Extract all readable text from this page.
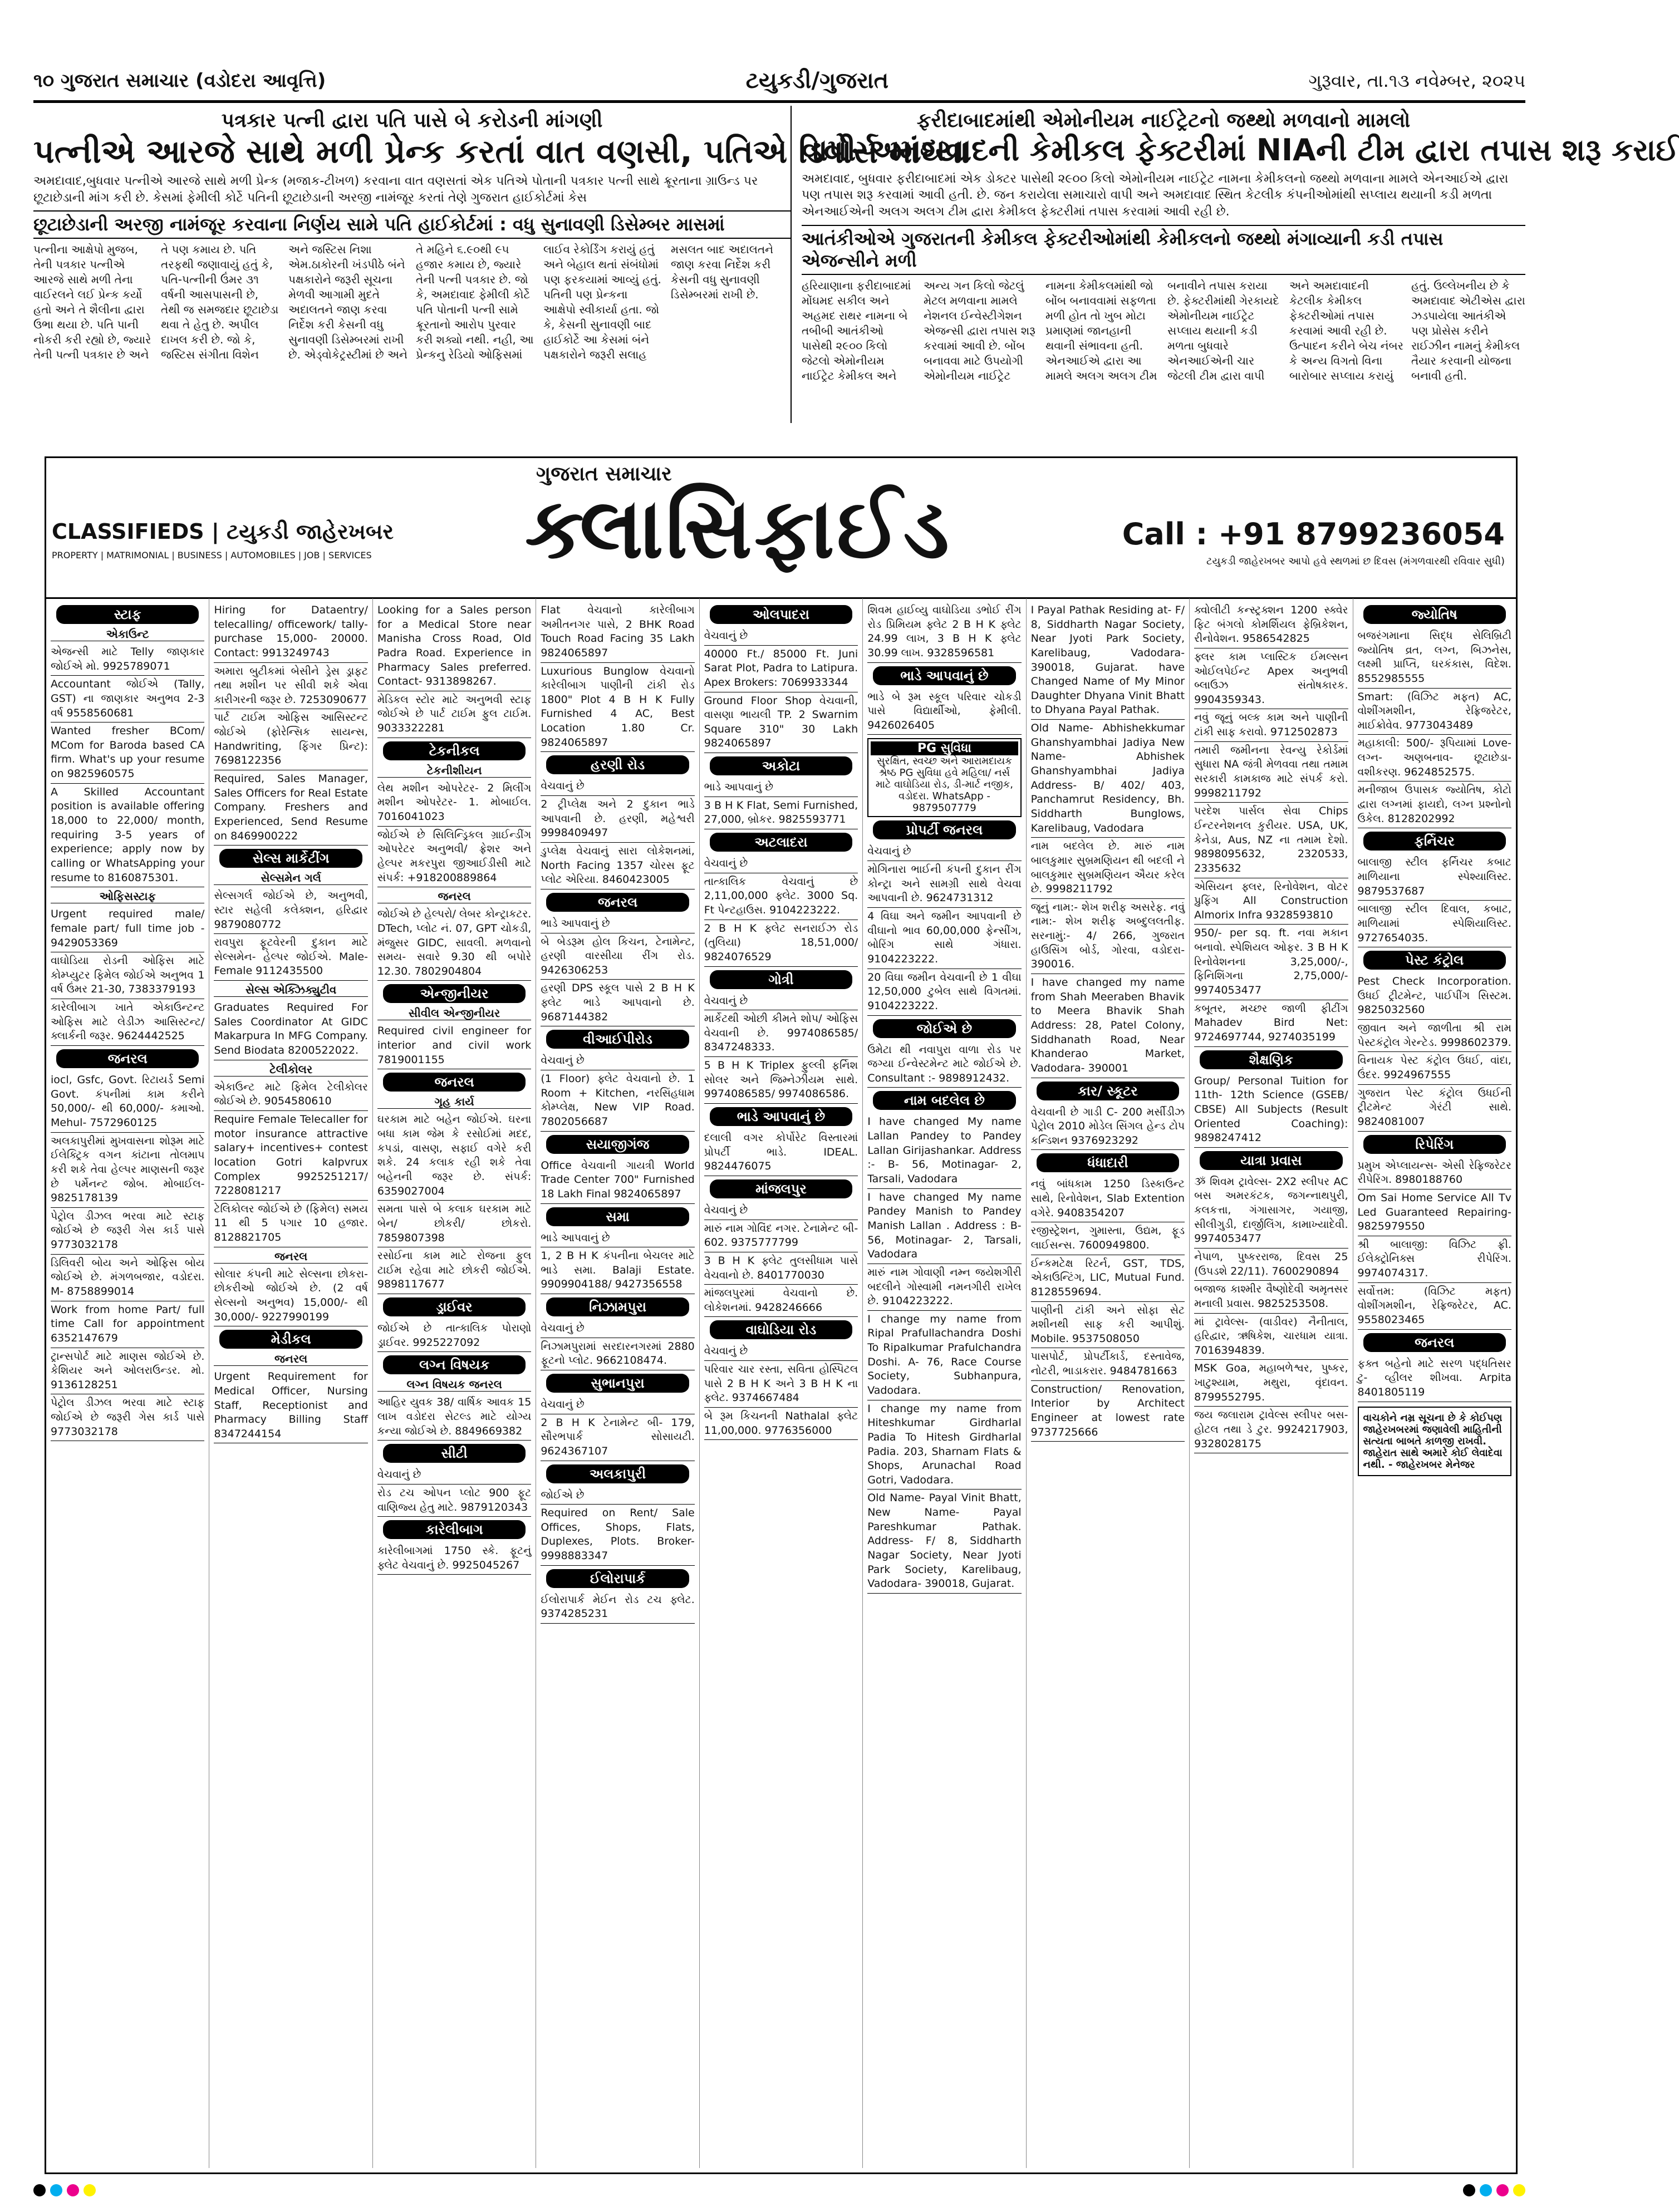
૧૦ ગુજરાત સમાચાર (વડોદરા આવૃત્તિ)	ટયુકડી/ગુજરાત	ગુરૂવાર, તા.૧૩ નવેમ્બર, ૨૦૨૫
પત્રકાર પત્ની દ્વારા પતિ પાસે બે કરોડની માંગણી
પત્નીએ આરજે સાથે મળી પ્રેન્ક કરતાં વાત વણસી, પતિએ ડિવોર્સ માંગ્યા
અમદાવાદ,બુધવાર પત્નીએ આરજે સાથે મળી પ્રેન્ક (મજાક-ટીખળ) કરવાના વાત વણસતાં એક પતિએ પોતાની પત્રકાર પત્ની સાથે ક્રૂરતાના ગ્રાઉન્ડ પર છૂટાછેડાની માંગ કરી છે. કેસમાં ફેમીલી કોર્ટે પતિની છૂટાછેડાની અરજી નામંજૂર કરતાં તેણે ગુજરાત હાઈકોર્ટમાં કેસ
છૂટાછેડાની અરજી નામંજૂર કરવાના નિર્ણય સામે પતિ હાઈકોર્ટમાં : વધુ સુનાવણી ડિસેમ્બર માસમાં
પત્નીના આક્ષેપો મુજબ, તેની પત્રકાર પત્નીએ આરજે સાથે મળી તેના વાઈરલને લઈ પ્રેન્ક કર્યો હતો અને તે શૈલીના દ્વારા ઉભા થયા છે. પતિ પાની નોકરી કરી રહ્યો છે, જ્યારે તેની પત્ની પત્રકાર છે અને તે પણ કમાય છે. પતિ તરફથી જણાવાયું હતું કે, પતિ-પત્નીની ઉંમર ૩૧ વર્ષની આસપાસની છે, તેથી જ સમજદાર છૂટાછેડા થવા તે હેતુ છે. અપીલ દાખલ કરી છે. જો કે, જસ્ટિસ સંગીતા વિશેન અને જસ્ટિસ નિશા એમ.ઠાકોરની ખંડપીઠે બંને પક્ષકારોને જરૂરી સૂચના મેળવી આગામી મુદતે અદાલતને જાણ કરવા નિર્દેશ કરી કેસની વધુ સુનાવણી ડિસેમ્બરમાં રાખી છે. એડ્વોકેટ્રસ્ટીમાં છે અને તે મહિને ૬.૯૦થી ૯૫ હજાર કમાય છે, જ્યારે તેની પત્ની પત્રકાર છે. જો કે, અમદાવાદ ફેમીલી કોર્ટે પતિ પોતાની પત્ની સામે ક્રૂરતાનો આરોપ પુરવાર કરી શક્યો નથી. નહી, આ પ્રેન્કનુ રેડિયો ઓફિસમાં લાઈવ રેકોર્ડિંગ કરાયું હતું અને બેહાલ થતાં સંબંધોમાં પણ ફરકયામાં આવ્યું હતું. પતિની પણ પ્રેન્કના આક્ષેપો સ્વીકાર્યા હતા. જો કે, કેસની સુનાવણી બાદ હાઈકોર્ટે આ કેસમાં બંને પક્ષકારોને જરૂરી સલાહ મસલત બાદ અદાલતને જાણ કરવા નિર્દેશ કરી કેસની વધુ સુનાવણી ડિસેમ્બરમાં રાખી છે.
ફરીદાબાદમાંથી એમોનીયમ નાઈટ્રેટનો જથ્થો મળવાનો મામલો
વાપી-અમદાવાદની કેમીકલ ફેક્ટરીમાં NIAની ટીમ દ્વારા તપાસ શરૂ કરાઈ
અમદાવાદ, બુધવાર ફરીદાબાદમાં એક ડોક્ટર પાસેથી ૨૯૦૦ કિલો એમોનીયમ નાઈટ્રેટ નામના કેમીકલનો જથ્થો મળવાના મામલે એનઆઈએ દ્વારા પણ તપાસ શરૂ કરવામાં આવી હતી. છે. જન કરાયેલા સમાચારો વાપી અને અમદાવાદ સ્થિત કેટલીક કંપનીઓમાંથી સપ્લાય થયાની કડી મળતા એનઆઈએની અલગ અલગ ટીમ દ્વારા કેમીકલ ફેક્ટરીમાં તપાસ કરવામાં આવી રહી છે.
આતંકીઓએ ગુજરાતની કેમીકલ ફેક્ટરીઓમાંથી કેમીકલનો જથ્થો મંગાવ્યાની કડી તપાસ એજન્સીને મળી
હરિયાણાના ફરીદાબાદમાં મોંઘમદ સકીલ અને અહમદ રાથર નામના બે તબીબી આતંકીઓ પાસેથી ૨૯૦૦ કિલો જેટલો એમોનીયમ નાઈટ્રેટ કેમીકલ અને અન્ય ગન કિલો જેટલું મેટલ મળવાના મામલે નેશનલ ઈન્વેસ્ટીગેશન એજન્સી દ્વારા તપાસ શરૂ કરવામાં આવી છે. બોંબ બનાવવા માટે ઉપયોગી એમોનીયમ નાઈટ્રેટ નામના કેમીકલમાંથી જો બોંબ બનાવવામાં સફળતા મળી હોત તો ખુબ મોટા પ્રમાણમાં જાનહાની થવાની સંભાવના હતી. એનઆઈએ દ્વારા આ મામલે અલગ અલગ ટીમ બનાવીને તપાસ કરાયા છે. ફેક્ટરીમાંથી ગેરકાયદે એમોનીયમ નાઈટ્રેટ સપ્લાય થયાની કડી મળતા બુધવારે એનઆઈએની ચાર જેટલી ટીમ દ્વારા વાપી અને અમદાવાદની કેટલીક કેમીકલ ફેક્ટરીઓમાં તપાસ કરવામાં આવી રહી છે. ઉત્પાદન કરીને બેચ નંબર કે અન્ય વિગતો વિના બારોબાર સપ્લાય કરાયું હતું. ઉલ્લેખનીય છે કે અમદાવાદ એટીએસ દ્વારા ઝડપાયેલા આતંકીએ પણ પ્રોસેસ કરીને રાઈઝીન નામનું કેમીકલ તૈયાર કરવાની યોજના બનાવી હતી.
ગુજરાત સમાચાર
CLASSIFIEDS | ટયુકડી જાહેરખબર
PROPERTY | MATRIMONIAL | BUSINESS | AUTOMOBILES | JOB | SERVICES ક્લાસિફાઈડ	Call : +91 8799236054
ટયુકડી જાહેરખબર આપો હવે સ્થળમાં છ દિવસ (મંગળવારથી રવિવાર સુધી)
સ્ટાફ
એકાઉન્ટ
એજન્સી માટે Telly જાણકાર જોઈએ મો. 9925789071
Accountant જોઈએ (Tally, GST) ના જાણકાર અનુભવ 2-3 વર્ષ 9558560681
Wanted fresher BCom/ MCom for Baroda based CA firm. What's up your resume on 9825960575
A Skilled Accountant position is available offering 18,000 to 22,000/ month, requiring 3-5 years of experience; apply now by calling or WhatsApping your resume to 8160875301.
ઓફિસસ્ટાફ
Urgent required male/ female part/ full time job - 9429053369
વાઘોડિયા રોડની ઓફિસ માટે કોમ્પ્યુટર ફિમેલ જોઈએ અનુભવ 1 વર્ષ ઉંમર 21-30, 7383379193
કારેલીબાગ ખાતે એકાઉન્ટન્ટ ઓફિસ માટે લેડીઝ આસિસ્ટન્ટ/ ક્લાર્કની જરૂર. 9624442525
જનરલ
iocl, Gsfc, Govt. રિટાયર્ડ Semi Govt. કંપનીમાં કામ કરીને 50,000/- થી 60,000/- કમાઓ. Mehul- 7572960125
અલકાપુરીમાં મુખવાસના શોરૂમ માટે ઈલેક્ટ્રિક વગન કાંટાના તોલમાપ કરી શકે તેવા હેલ્પર માણસની જરૂર છે પર્મેનન્ટ જોબ. મોબાઈલ- 9825178139
પેટ્રોલ ડીઝલ ભરવા માટે સ્ટાફ જોઈએ છે જરૂરી ગેસ કાર્ડ પાસે 9773032178
ડિલિવરી બોય અને ઓફિસ બોય જોઈએ છે. મંગળબજાર, વડોદરા. M- 8758899014
Work from home Part/ full time Call for appointment 6352147679
ટ્રાન્સપોર્ટ માટે માણસ જોઈએ છે. કેશિયર અને ઓલરાઉન્ડર. મો. 9136128251
પેટ્રોલ ડીઝલ ભરવા માટે સ્ટાફ જોઈએ છે જરૂરી ગેસ કાર્ડ પાસે 9773032178
Hiring for Dataentry/ telecalling/ officework/ tally- purchase 15,000- 20000. Contact: 9913249743
અમારા બુટીકમાં બેસીને ડ્રેસ ડ્રાફટ તથા મશીન પર સીવી શકે એવા કારીગરની જરૂર છે. 7253090677
પાર્ટ ટાઈમ ઓફિસ આસિસ્ટન્ટ જોઈએ (ફોરેન્સિક સાયન્સ, Handwriting, ફિંગર પ્રિન્ટ): 7698122356
Required, Sales Manager, Sales Officers for Real Estate Company. Freshers and Experienced, Send Resume on 8469900222
સેલ્સ માર્કેટીંગ
સેલ્સમેન ગર્લ
સેલ્સગર્લ જોઈએ છે, અનુભવી, સ્ટાર સહેલી કલેક્શન, હરિદ્વાર 9879080772
રાવપુરા ફૂટવેરની દુકાન માટે સેલ્સમેન- હેલ્પર જોઈએ. Male-Female 9112435500
સેલ્સ એક્ઝિક્યુટીવ
Graduates Required For Sales Coordinator At GIDC Makarpura In MFG Company. Send Biodata 8200522022.
ટેલીકોલર
એકાઉન્ટ માટે ફિમેલ ટેલીકોલર જોઈએ છે. 9054580610
Require Female Telecaller for motor insurance attractive salary+ incentives+ contest location Gotri kalpvrux Complex 9925251217/ 7228081217
ટેલિકોલર જોઈએ છે (ફિમેલ) સમય 11 થી 5 પગાર 10 હજાર. 8128821705
જનરલ
સોલાર કંપની માટે સેલ્સના છોકરા-છોકરીઓ જોઈએ છે. (2 વર્ષ સેલ્સનો અનુભવ) 15,000/- થી 30,000/- 9227990199
મેડીકલ
જનરલ
Urgent Requirement for Medical Officer, Nursing Staff, Receptionist and Pharmacy Billing Staff 8347244154
Looking for a Sales person for a Medical Store near Manisha Cross Road, Old Padra Road. Experience in Pharmacy Sales preferred. Contact- 9313898267.
મેડિકલ સ્ટોર માટે અનુભવી સ્ટાફ જોઈએ છે પાર્ટ ટાઈમ ફુલ ટાઈમ. 9033322281
ટેકનીકલ
ટેકનીશીયન
લેથ મશીન ઓપરેટર- 2 મિલીંગ મશીન ઓપરેટર- 1. મોબાઈલ. 7016041023
જોઈએ છે સિલિન્ડ્રિકલ ગ્રાઈન્ડીંગ ઓપરેટર અનુભવી/ ફ્રેશર અને હેલ્પર મકરપુરા જીઆઈડીસી માટે સંપર્ક: +918200889864
જનરલ
જોઈએ છે હેલ્પરો/ લેબર કોન્ટ્રાકટર. DTech, પ્લોટ નં. 07, GPT ચોકડી, મંજુસર GIDC, સાવલી. મળવાનો સમય- સવારે 9.30 થી બપોરે 12.30. 7802904804
એન્જીનીયર
સીવીલ એન્જીનીયર
Required civil engineer for interior and civil work 7819001155
જનરલ
ગૃહ કાર્ય
ઘરકામ માટે બહેન જોઈએ. ઘરના બધા કામ જેમ કે રસોઈમાં મદદ, કપડાં, વાસણ, સફાઈ વગેરે કરી શકે. 24 કલાક રહી શકે તેવા બહેનની જરૂર છે. સંપર્ક: 6359027004
સમતા પાસે બે કલાક ઘરકામ માટે બેન/ છોકરી/ છોકરો. 7859807398
રસોઈના કામ માટે રોજના ફુલ ટાઈમ રહેવા માટે છોકરી જોઈએ. 9898117677
ડ્રાઈવર
જોઈએ છે તાત્કાલિક પોરાણો ડ્રાઈવર. 9925227092
લગ્ન વિષયક
લગ્ન વિષયક જનરલ
આહિર યુવક 38/ વાર્ષિક આવક 15 લાખ વડોદરા સેટલ્ડ માટે યોગ્ય કન્યા જોઈએ છે. 8849669382
સીટી
વેચવાનું છે
રોડ ટચ ઓપન પ્લોટ 900 ફૂટ વાણિજ્ય હેતુ માટે. 9879120343
કારેલીબાગ
કારેલીબાગમાં 1750 સ્કે. ફૂટનું ફ્લેટ વેચવાનું છે. 9925045267
Flat વેચવાનો કારેલીબાગ અમીતનગર પાસે, 2 BHK Road Touch Road Facing 35 Lakh 9824065897
Luxurious Bunglow વેચવાનો કારેલીબાગ પાણીની ટાંકી રોડ 1800" Plot 4 B H K Fully Furnished 4 AC, Best Location 1.80 Cr. 9824065897
હરણી રોડ
વેચવાનું છે
2 ટ્રીપ્લેક્ષ અને 2 દુકાન ભાડે આપવાની છે. હરણી, મહેશ્વરી 9998409497
ડુપ્લેક્ષ વેચવાનું સારા લોકેશનમાં, North Facing 1357 ચોરસ ફૂટ પ્લોટ એરિયા. 8460423005
જનરલ
ભાડે આપવાનું છે
બે બેડરૂમ હોલ કિચન, ટેનામેન્ટ, હરણી વારસીયા રીંગ રોડ. 9426306253
હરણી DPS સ્કૂલ પાસે 2 B H K ફ્લેટ ભાડે આપવાનો છે. 9687144382
વીઆઈપીરોડ
વેચવાનું છે
(1 Floor) ફ્લેટ વેચવાનો છે. 1 Room + Kitchen, નરસિંહધામ કોમ્પ્લેક્ષ, New VIP Road. 7802056687
સયાજીગંજ
Office વેચવાની ગાયત્રી World Trade Center 700" Furnished 18 Lakh Final 9824065897
સમા
ભાડે આપવાનું છે
1, 2 B H K કંપનીના બેચલર માટે ભાડે સમા. Balaji Estate. 9909904188/ 9427356558
નિઝામપુરા
વેચવાનું છે
નિઝામપુરામાં સરદારનગરમાં 2880 ફૂટનો પ્લોટ. 9662108474.
સુભાનપુરા
વેચવાનું છે
2 B H K ટેનામેન્ટ બી- 179, સૌરભપાર્ક સોસાયટી. 9624367107
અલકાપુરી
જોઈએ છે
Required on Rent/ Sale Offices, Shops, Flats, Duplexes, Plots. Broker- 9998883347
ઈલોરાપાર્ક
ઈલોરાપાર્ક મેઈન રોડ ટચ ફ્લેટ. 9374285231
ઓલપાદરા
વેચવાનું છે
40000 Ft./ 85000 Ft. Juni Sarat Plot, Padra to Latipura. Apex Brokers: 7069933344
Ground Floor Shop વેચવાની, વાસણા ભાયલી TP. 2 Swarnim Square 310" 30 Lakh 9824065897
અકોટા
ભાડે આપવાનું છે
3 B H K Flat, Semi Furnished, 27,000, બ્રોકર. 9825593771
અટલાદરા
વેચવાનું છે
તાત્કાલિક વેચવાનું છે 2,11,00,000 ફ્લેટ. 3000 Sq. Ft પેન્ટહાઉસ. 9104223222.
2 B H K ફ્લેટ સનરાઈઝ રોડ (તુલિયા) 18,51,000/ 9824076529
ગોત્રી
વેચવાનું છે
માર્કેટથી ઓછી કીમતે શોપ/ ઓફિસ વેચવાની છે. 9974086585/ 8347248333.
5 B H K Triplex ફુલ્લી ફર્નિશ સોલર અને જિમ્નેઝીયમ સાથે. 9974086585/ 9974086586.
ભાડે આપવાનું છે
દલાલી વગર કોર્પોરેટ વિસ્તારમાં પ્રોપર્ટી ભાડે. IDEAL. 9824476075
માંજલપુર
વેચવાનું છે
મારું નામ ગોવિંદ નગર. ટેનામેન્ટ બી- 602. 9375777799
3 B H K ફ્લેટ તુલસીધામ પાસે વેચવાનો છે. 8401770030
માંજલપુરમાં વેચવાનો છે. લોકેશનમાં. 9428246666
વાઘોડિયા રોડ
વેચવાનું છે
પરિવાર ચાર રસ્તા, સવિતા હોસ્પિટલ પાસે 2 B H K અને 3 B H K ના ફ્લેટ. 9374667484
બે રૂમ કિચનની Nathalal ફ્લેટ 11,00,000. 9776356000
શિવમ હાઈવ્યુ વાઘોડિયા ડભોઈ રીંગ રોડ પ્રિમિયમ ફ્લેટ 2 B H K ફ્લેટ 24.99 લાખ, 3 B H K ફ્લેટ 30.99 લાખ. 9328596581
ભાડે આપવાનું છે
ભાડે બે રૂમ સ્કૂલ પરિવાર ચોકડી પાસે વિદ્યાર્થીઓ, ફેમીલી. 9426026405
PG સુવિધા
સુરક્ષિત, સ્વચ્છ અને આરામદાયક શ્રેષ્ઠ PG સુવિધા હવે મહિલા/ નર્સ માટે વાઘોડિયા રોડ, ડી-માર્ટ નજીક, વડોદરા. WhatsApp - 9879507779
પ્રોપર્ટી જનરલ
વેચવાનું છે
મોગિનારા ભાઈની કંપની દુકાન રીંગ કોન્ટ્રા અને સામગ્રી સાથે વેચવા આપવાની છે. 9624731312
4 વિઘા અને જમીન આપવાની છે વીઘાનો ભાવ 60,00,000 ફેન્સીંગ, બોરિંગ સાથે ગંધારા. 9104223222.
20 વિઘા જમીન વેચવાની છે 1 વીઘા 12,50,000 ટુબેલ સાથે વિગતમાં. 9104223222.
જોઈએ છે
ઉમેટા થી નવાપુરા વાળા રોડ પર જગ્યા ઈન્વેસ્ટમેન્ટ માટે જોઈએ છે. Consultant :- 9898912432.
નામ બદલેલ છે
I have changed My name Lallan Pandey to Pandey Lallan Girijashankar. Address :- B- 56, Motinagar- 2, Tarsali, Vadodara
I have changed My name Pandey Manish to Pandey Manish Lallan . Address : B- 56, Motinagar- 2, Tarsali, Vadodara
મારું નામ ગોવાણી નમ્ન જયેશગીરી બદલીને ગોસ્વામી નમનગીરી રાખેલ છે. 9104223222.
I change my name from Ripal Prafullachandra Doshi To Ripalkumar Prafulchandra Doshi. A- 76, Race Course Society, Subhanpura, Vadodara.
I change my name from Hiteshkumar Girdharlal Padia To Hitesh Girdharlal Padia. 203, Sharnam Flats & Shops, Arunachal Road Gotri, Vadodara.
Old Name- Payal Vinit Bhatt, New Name- Payal Pareshkumar Pathak. Address- F/ 8, Siddharth Nagar Society, Near Jyoti Park Society, Karelibaug, Vadodara- 390018, Gujarat.
I Payal Pathak Residing at- F/ 8, Siddharth Nagar Society, Near Jyoti Park Society, Karelibaug, Vadodara- 390018, Gujarat. have Changed Name of My Minor Daughter Dhyana Vinit Bhatt to Dhyana Payal Pathak.
Old Name- Abhishekkumar Ghanshyambhai Jadiya New Name- Abhishek Ghanshyambhai Jadiya Address- B/ 402/ 403, Panchamrut Residency, Bh. Siddharth Bunglows, Karelibaug, Vadodara
નામ બદલેલ છે. મારું નામ બાલકુમાર સુબ્રમણિયન થી બદલી ને બાલકુમાર સુબ્રમણિયન ઐયર કરેલ છે. 9998211792
જૂનું નામ:- શેખ શરીફ અસરેફ. નવું નામ:- શેખ શરીફ અબ્દુલલતીફ. સરનામું:- 4/ 266, ગુજરાત હાઉસિંગ બોર્ડ, ગોરવા, વડોદરા- 390016.
I have changed my name from Shah Meeraben Bhavik to Meera Bhavik Shah Address: 28, Patel Colony, Siddhanath Road, Near Khanderao Market, Vadodara- 390001
કાર/ સ્કૂટર
વેચવાની છે ગાડી C- 200 મર્સીડીઝ પેટ્રોલ 2010 મોડેલ સિંગલ હેન્ડ ટોપ કન્ડિશન 9376923292
ધંધાદારી
નવું બાંધકામ 1250 ડિસ્કાઉન્ટ સાથે, રિનોવેશન, Slab Extention વગેરે. 9408354207
રજીસ્ટ્રેશન, ગુમાસ્તા, ઉદ્યમ, ફૂડ લાઈસન્સ. 7600949800.
ઈન્કમટેક્ષ રિટર્ન, GST, TDS, એકાઉન્ટિંગ, LIC, Mutual Fund. 8128559694.
પાણીની ટાંકી અને સોફા સેટ મશીનથી સાફ કરી આપીશું. Mobile. 9537508050
પાસપોર્ટ, પ્રોપર્ટીકાર્ડ, દસ્તાવેજ, નોટરી, ભાડાકરાર. 9484781663
Construction/ Renovation, Interior by Architect Engineer at lowest rate 9737725666
ક્વોલીટી કન્સ્ટ્રક્શન 1200 સ્ક્વેર ફિટ બંગલો કોમર્શિયલ ફેબ્રિકેશન, રીનોવેશન. 9586542825
ફ્લર કામ પ્લાસ્ટિક ઈમલ્સન ઓઈલપેઈન્ટ Apex અનુભવી બ્લાઉઝ સંતોષકારક. 9904359343.
નવું જૂનું બલ્ક કામ અને પાણીની ટાંકી સાફ કરાવો. 9712502873
તમારી જમીનના રેવન્યુ રેકોર્ડમાં સુધારા NA જંત્રી મેળવવા તથા તમામ સરકારી કામકાજ માટે સંપર્ક કરો. 9998211792
પરદેશ પાર્સલ સેવા Chips ઈન્ટરનેશનલ કુરીયર. USA, UK, કેનેડા, Aus, NZ ના તમામ દેશો. 9898095632, 2320533, 2335632
એસિયન ફ્લર, રિનોવેશન, વોટર પ્રુફિંગ All Construction Almorix Infra 9328593810
950/- per sq. ft. નવા મકાન બનાવો. સ્પેશિયલ ઓફર. 3 B H K રિનોવેશનના 3,25,000/-, ફિનિશિંગના 2,75,000/- 9974053477
કબૂતર, મચ્છર જાળી ફીટીંગ Mahadev Bird Net: 9724697744, 9274035199
શૈક્ષણિક
Group/ Personal Tuition for 11th- 12th Science (GSEB/ CBSE) All Subjects (Result Oriented Coaching): 9898247412
યાત્રા પ્રવાસ
ૐ શિવમ ટ્રાવેલ્સ- 2X2 સ્લીપર AC બસ અમરકંટક, જગન્નાથપુરી, કલકત્તા, ગંગાસાગર, ગયાજી, સીલીગુડી, દાર્જીલિંગ, કામાખ્યાદેવી. 9974053477
નેપાળ, પુષ્કરરાજ, દિવસ 25 (ઉપડશે 22/11). 7600290894
બજાજ કાશ્મીર વૈષ્ણોદેવી અમૃતસર મનાલી પ્રવાસ. 9825253508.
માં ટ્રાવેલ્સ- (વાડીવર) નૈનીતાલ, હરિદ્વાર, ઋષિકેશ, ચારધામ યાત્રા. 7016394839.
MSK Goa, મહાબળેશ્વર, પુષ્કર, ખાટુશ્યામ, મથુરા, વૃંદાવન. 8799552795.
જય જલારામ ટ્રાવેલ્સ સ્લીપર બસ- હોટલ તથા ડે ટુર. 9924217903, 9328028175
જ્યોતિષ
બજરંગમાના સિદ્ધ સેલિબ્રિટી જ્યોતિષ વ્રત, લગ્ન, બિઝનેસ, લક્ષ્મી પ્રાપ્તિ, ઘરકંકાસ, વિદેશ. 8552985555
Smart: (વિઝિટ મફત) AC, વોશીંગમશીન, રેફ્રિજરેટર, માઈક્રોવેવ. 9773043489
મહાકાલી: 500/- રૂપિયામાં Love- લગ્ન- અણબનાવ- છૂટાછેડા- વશીકરણ. 9624852575.
મનીજાબ ઉપાસક જ્યોતિષ, કોટો દ્વારા લગ્નમાં ફાયદો, લગ્ન પ્રશ્નોનો ઉકેલ. 8128202992
ફર્નિચર
બાલાજી સ્ટીલ ફર્નિચર કબાટ માળિયાના સ્પેશ્યાલિસ્ટ. 9879537687
બાલાજી સ્ટીલ દિવાલ, કબાટ, માળિયામાં સ્પેશિયાલિસ્ટ. 9727654035.
પેસ્ટ કંટ્રોલ
Pest Check Incorporation. ઉધઈ ટ્રીટમેન્ટ, પાઈપીંગ સિસ્ટમ. 9825032560
જીવાત અને જાળીતા શ્રી રામ પેસ્ટકંટ્રોલ ગેરન્ટેડ. 9998602379.
વિનાયક પેસ્ટ કંટ્રોલ ઉધઈ, વાંદા, ઉંદર. 9924967555
ગુજરાત પેસ્ટ કંટ્રોલ ઉધઈની ટ્રીટમેન્ટ ગેરંટી સાથે. 9824081007
રિપેરિંગ
પ્રમુખ એપ્લાયન્સ- એસી રેફ્રિજરેટર રીપેરિંગ. 8980188760
Om Sai Home Service All Tv Led Guaranteed Repairing- 9825979550
શ્રી બાલાજી: વિઝિટ ફ્રી. ઈલેક્ટ્રોનિક્સ રીપેરિંગ. 9974074317.
સર્વોત્તમ: (વિઝિટ મફત) વોશીંગમશીન, રેફ્રિજરેટર, AC. 9558023465
જનરલ
ફક્ત બહેનો માટે સરળ પદ્ધતિસર ટુ- વ્હીલર શીખવા. Arpita 8401805119
વાચકોને નમ્ર સૂચના છે કે કોઈપણ જાહેરખબરમાં જણાવેલી માહિતીની સત્યતા બાબતે કાળજી રાખવી. જાહેરાત સાથે અમારે કોઈ લેવાદેવા નથી. - જાહેરખબર મેનેજર
